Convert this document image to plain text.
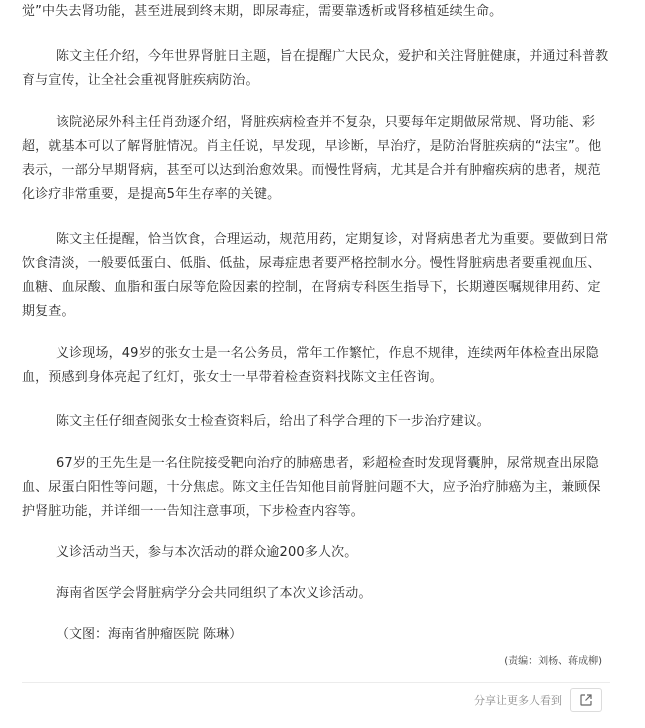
觉”中失去肾功能，甚至进展到终末期，即尿毒症，需要靠透析或肾移植延续生命。

陈文主任介绍，今年世界肾脏日主题，旨在提醒广大民众，爱护和关注肾脏健康，并通过科普教育与宣传，让全社会重视肾脏疾病防治。

该院泌尿外科主任肖劲逐介绍，肾脏疾病检查并不复杂，只要每年定期做尿常规、肾功能、彩超，就基本可以了解肾脏情况。肖主任说，早发现，早诊断，早治疗，是防治肾脏疾病的“法宝”。他表示，一部分早期肾病，甚至可以达到治愈效果。而慢性肾病，尤其是合并有肿瘤疾病的患者，规范化诊疗非常重要，是提高5年生存率的关键。

陈文主任提醒，恰当饮食，合理运动，规范用药，定期复诊，对肾病患者尤为重要。要做到日常饮食清淡，一般要低蛋白、低脂、低盐，尿毒症患者要严格控制水分。慢性肾脏病患者要重视血压、血糖、血尿酸、血脂和蛋白尿等危险因素的控制，在肾病专科医生指导下，长期遵医嘱规律用药、定期复查。

义诊现场，49岁的张女士是一名公务员，常年工作繁忙，作息不规律，连续两年体检查出尿隐血，预感到身体亮起了红灯，张女士一早带着检查资料找陈文主任咨询。

陈文主任仔细查阅张女士检查资料后，给出了科学合理的下一步治疗建议。

67岁的王先生是一名住院接受靶向治疗的肺癌患者，彩超检查时发现肾囊肿，尿常规查出尿隐血、尿蛋白阳性等问题，十分焦虑。陈文主任告知他目前肾脏问题不大，应予治疗肺癌为主，兼顾保护肾脏功能，并详细一一告知注意事项，下步检查内容等。

义诊活动当天，参与本次活动的群众逾200多人次。

海南省医学会肾脏病学分会共同组织了本次义诊活动。

（文图：海南省肿瘤医院 陈琳）

(责编：刘杨、蒋成柳)

分享让更多人看到
